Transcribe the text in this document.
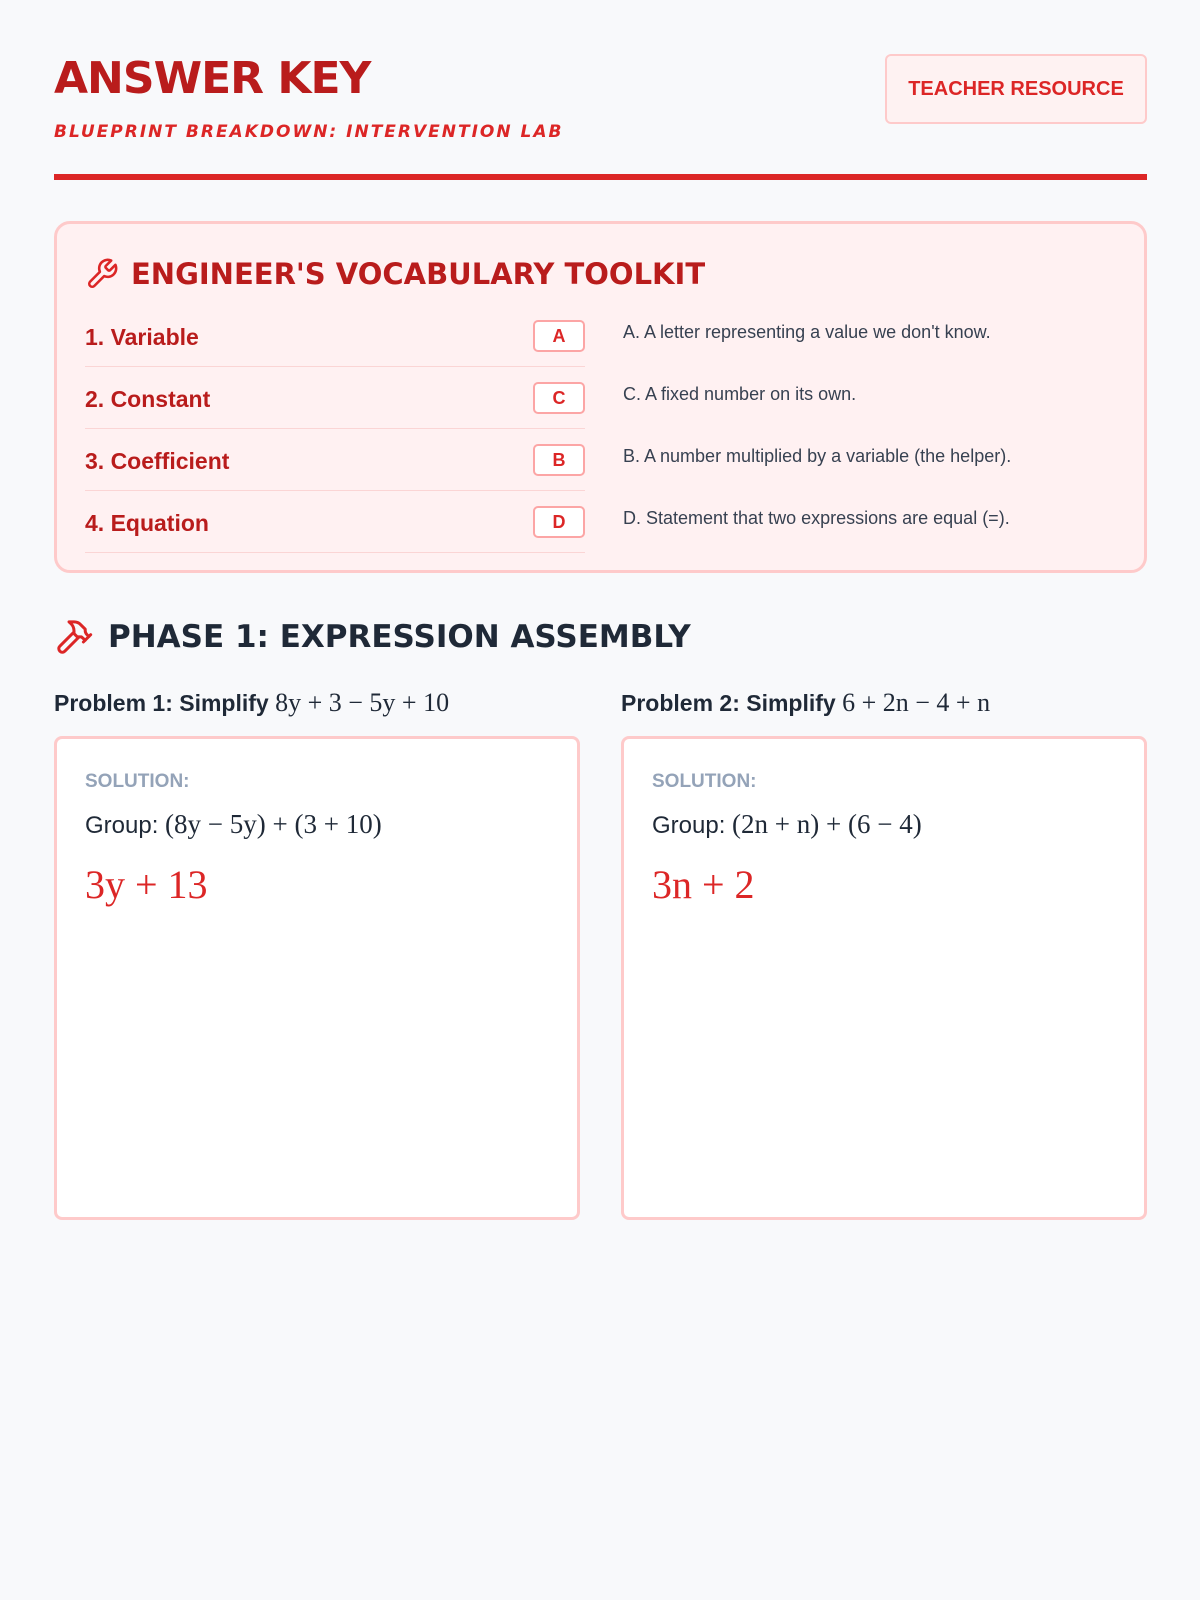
ANSWER KEY
BLUEPRINT BREAKDOWN: INTERVENTION LAB
TEACHER RESOURCE
ENGINEER'S VOCABULARY TOOLKIT
1. Variable	A
2. Constant	C
3. Coefficient	B
4. Equation	D
A. A letter representing a value we don't know.
C. A fixed number on its own.
B. A number multiplied by a variable (the helper).
D. Statement that two expressions are equal (=).
PHASE 1: EXPRESSION ASSEMBLY
Problem 1: Simplify 8y + 3 − 5y + 10
SOLUTION:
Group: (8y − 5y) + (3 + 10)
3y + 13
Problem 2: Simplify 6 + 2n − 4 + n
SOLUTION:
Group: (2n + n) + (6 − 4)
3n + 2
